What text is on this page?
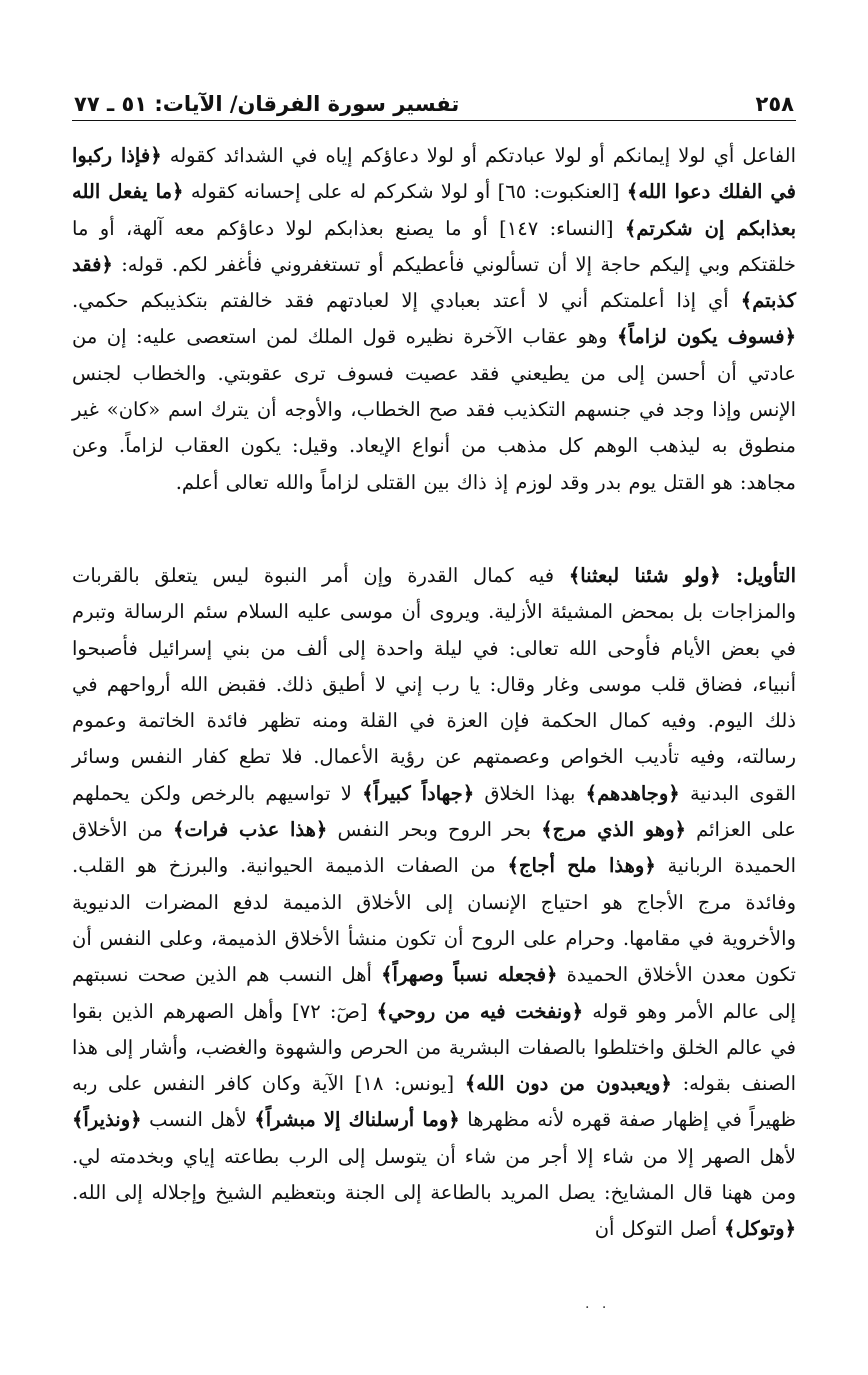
٢٥٨
تفسير سورة الفرقان/ الآيات: ٥١ ـ ٧٧

الفاعل أي لولا إيمانكم أو لولا عبادتكم أو لولا دعاؤكم إياه في الشدائد كقوله ﴿فإذا ركبوا في الفلك دعوا الله﴾ [العنكبوت: ٦٥] أو لولا شكركم له على إحسانه كقوله ﴿ما يفعل الله بعذابكم إن شكرتم﴾ [النساء: ١٤٧] أو ما يصنع بعذابكم لولا دعاؤكم معه آلهة، أو ما خلقتكم وبي إليكم حاجة إلا أن تسألوني فأعطيكم أو تستغفروني فأغفر لكم. قوله: ﴿فقد كذبتم﴾ أي إذا أعلمتكم أني لا أعتد بعبادي إلا لعبادتهم فقد خالفتم بتكذيبكم حكمي. ﴿فسوف يكون لزاماً﴾ وهو عقاب الآخرة نظيره قول الملك لمن استعصى عليه: إن من عادتي أن أحسن إلى من يطيعني فقد عصيت فسوف ترى عقوبتي. والخطاب لجنس الإنس وإذا وجد في جنسهم التكذيب فقد صح الخطاب، والأوجه أن يترك اسم «كان» غير منطوق به ليذهب الوهم كل مذهب من أنواع الإيعاد. وقيل: يكون العقاب لزاماً. وعن مجاهد: هو القتل يوم بدر وقد لوزم إذ ذاك بين القتلى لزاماً والله تعالى أعلم.

التأويل: ﴿ولو شئنا لبعثنا﴾ فيه كمال القدرة وإن أمر النبوة ليس يتعلق بالقربات والمزاجات بل بمحض المشيئة الأزلية. ويروى أن موسى عليه السلام سئم الرسالة وتبرم في بعض الأيام فأوحى الله تعالى: في ليلة واحدة إلى ألف من بني إسرائيل فأصبحوا أنبياء، فضاق قلب موسى وغار وقال: يا رب إني لا أطيق ذلك. فقبض الله أرواحهم في ذلك اليوم. وفيه كمال الحكمة فإن العزة في القلة ومنه تظهر فائدة الخاتمة وعموم رسالته، وفيه تأديب الخواص وعصمتهم عن رؤية الأعمال. فلا تطع كفار النفس وسائر القوى البدنية ﴿وجاهدهم﴾ بهذا الخلاق ﴿جهاداً كبيراً﴾ لا تواسيهم بالرخص ولكن يحملهم على العزائم ﴿وهو الذي مرج﴾ بحر الروح وبحر النفس ﴿هذا عذب فرات﴾ من الأخلاق الحميدة الربانية ﴿وهذا ملح أجاج﴾ من الصفات الذميمة الحيوانية. والبرزخ هو القلب. وفائدة مرج الأجاج هو احتياج الإنسان إلى الأخلاق الذميمة لدفع المضرات الدنيوية والأخروية في مقامها. وحرام على الروح أن تكون منشأ الأخلاق الذميمة، وعلى النفس أن تكون معدن الأخلاق الحميدة ﴿فجعله نسباً وصهراً﴾ أهل النسب هم الذين صحت نسبتهم إلى عالم الأمر وهو قوله ﴿ونفخت فيه من روحي﴾ [صٓ: ٧٢] وأهل الصهرهم الذين بقوا في عالم الخلق واختلطوا بالصفات البشرية من الحرص والشهوة والغضب، وأشار إلى هذا الصنف بقوله: ﴿ويعبدون من دون الله﴾ [يونس: ١٨] الآية وكان كافر النفس على ربه ظهيراً في إظهار صفة قهره لأنه مظهرها ﴿وما أرسلناك إلا مبشراً﴾ لأهل النسب ﴿ونذيراً﴾ لأهل الصهر إلا من شاء إلا أجر من شاء أن يتوسل إلى الرب بطاعته إياي وبخدمته لي. ومن ههنا قال المشايخ: يصل المريد بالطاعة إلى الجنة وبتعظيم الشيخ وإجلاله إلى الله. ﴿وتوكل﴾ أصل التوكل أن

. .
